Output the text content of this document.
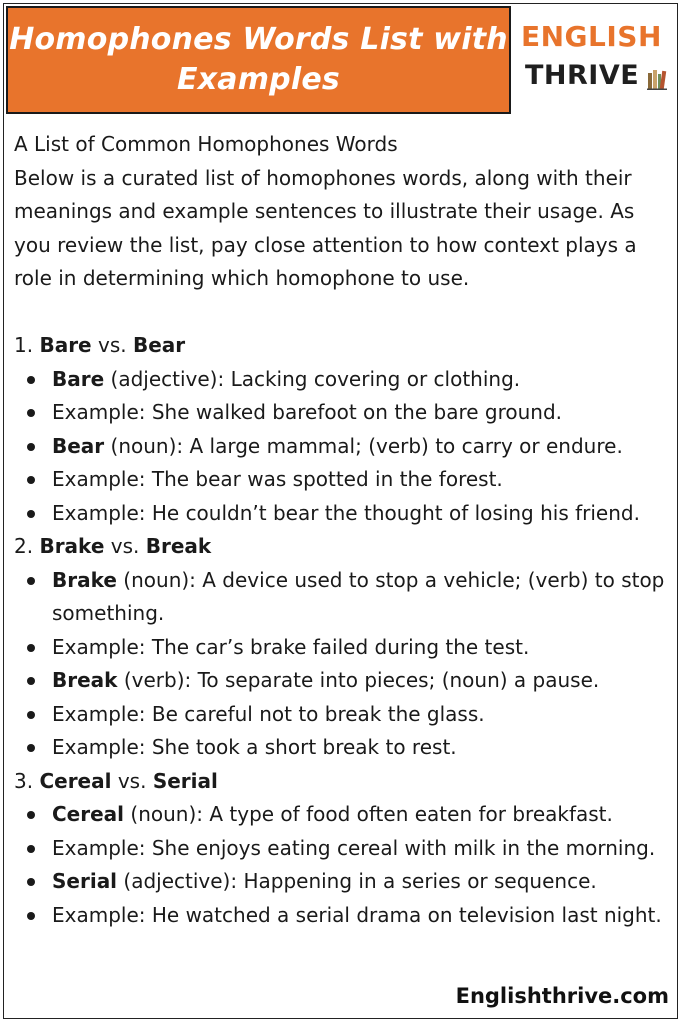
Homophones Words List with
Examples
ENGLISH
THRIVE

A List of Common Homophones Words

Below is a curated list of homophones words, along with their meanings and example sentences to illustrate their usage. As you review the list, pay close attention to how context plays a role in determining which homophone to use.

1. Bare vs. Bear

Bare (adjective): Lacking covering or clothing.
Example: She walked barefoot on the bare ground.
Bear (noun): A large mammal; (verb) to carry or endure.
Example: The bear was spotted in the forest.
Example: He couldn’t bear the thought of losing his friend.

2. Brake vs. Break

Brake (noun): A device used to stop a vehicle; (verb) to stop something.
Example: The car’s brake failed during the test.
Break (verb): To separate into pieces; (noun) a pause.
Example: Be careful not to break the glass.
Example: She took a short break to rest.

3. Cereal vs. Serial

Cereal (noun): A type of food often eaten for breakfast.
Example: She enjoys eating cereal with milk in the morning.
Serial (adjective): Happening in a series or sequence.
Example: He watched a serial drama on television last night.
Englishthrive.com
